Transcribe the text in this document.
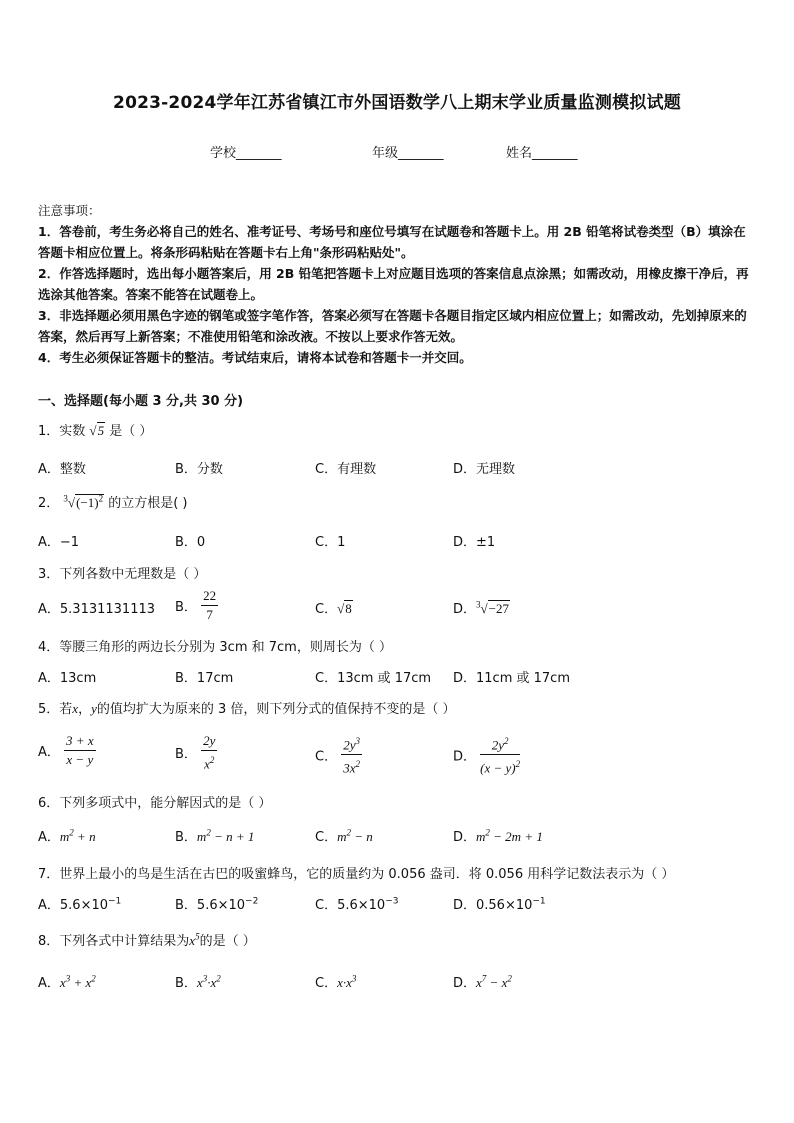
2023-2024学年江苏省镇江市外国语数学八上期末学业质量监测模拟试题
学校_______	年级_______	姓名_______

注意事项：

1．答卷前，考生务必将自己的姓名、准考证号、考场号和座位号填写在试题卷和答题卡上。用 2B 铅笔将试卷类型（B）填涂在答题卡相应位置上。将条形码粘贴在答题卡右上角"条形码粘贴处"。

2．作答选择题时，选出每小题答案后，用 2B 铅笔把答题卡上对应题目选项的答案信息点涂黑；如需改动，用橡皮擦干净后，再选涂其他答案。答案不能答在试题卷上。

3．非选择题必须用黑色字迹的钢笔或签字笔作答，答案必须写在答题卡各题目指定区域内相应位置上；如需改动，先划掉原来的答案，然后再写上新答案；不准使用铅笔和涂改液。不按以上要求作答无效。

4．考生必须保证答题卡的整洁。考试结束后，请将本试卷和答题卡一并交回。

一、选择题(每小题 3 分,共 30 分)
1．实数 √5 是（ ）
A．整数	B．分数	C．有理数	D．无理数
2． $^3√(-1)^2$ 的立方根是( )
A．−1	B．0	C．1	D．±1
3．下列各数中无理数是（ ）
A．5.3131131113 B． $\frac{22}{7}$	C．√8	D．$^3$√−27
4．等腰三角形的两边长分别为 3cm 和 7cm，则周长为（ ）
A．13cm	B．17cm	C．13cm 或 17cm D．11cm 或 17cm
5．若x，y的值均扩大为原来的 3 倍，则下列分式的值保持不变的是（ ）
A． $\frac{3 + x}{x - y}$	B． $\frac{2y}{x^2}$	C． $\frac{2y^3}{3x^2}$	D． $\frac{2y^2}{(x - y)^2}$
6．下列多项式中，能分解因式的是（ ）
A．$m^2 + n$	B．$m^2 - n + 1$	C．$m^2 - n$	D．$m^2 - 2m + 1$
7．世界上最小的鸟是生活在古巴的吸蜜蜂鸟，它的质量约为 0.056 盎司．将 0.056 用科学记数法表示为（ ）
A．$5.6\times 10^{-1}$	B．$5.6\times 10^{-2}$	C．$5.6\times 10^{-3}$	D．$0.56\times 10^{-1}$
8．下列各式中计算结果为$x^5$的是（ ）
A．$x^3 + x^2$	B．$x^3\cdot x^2$	C．$x\cdot x^3$	D．$x^7 - x^2$
